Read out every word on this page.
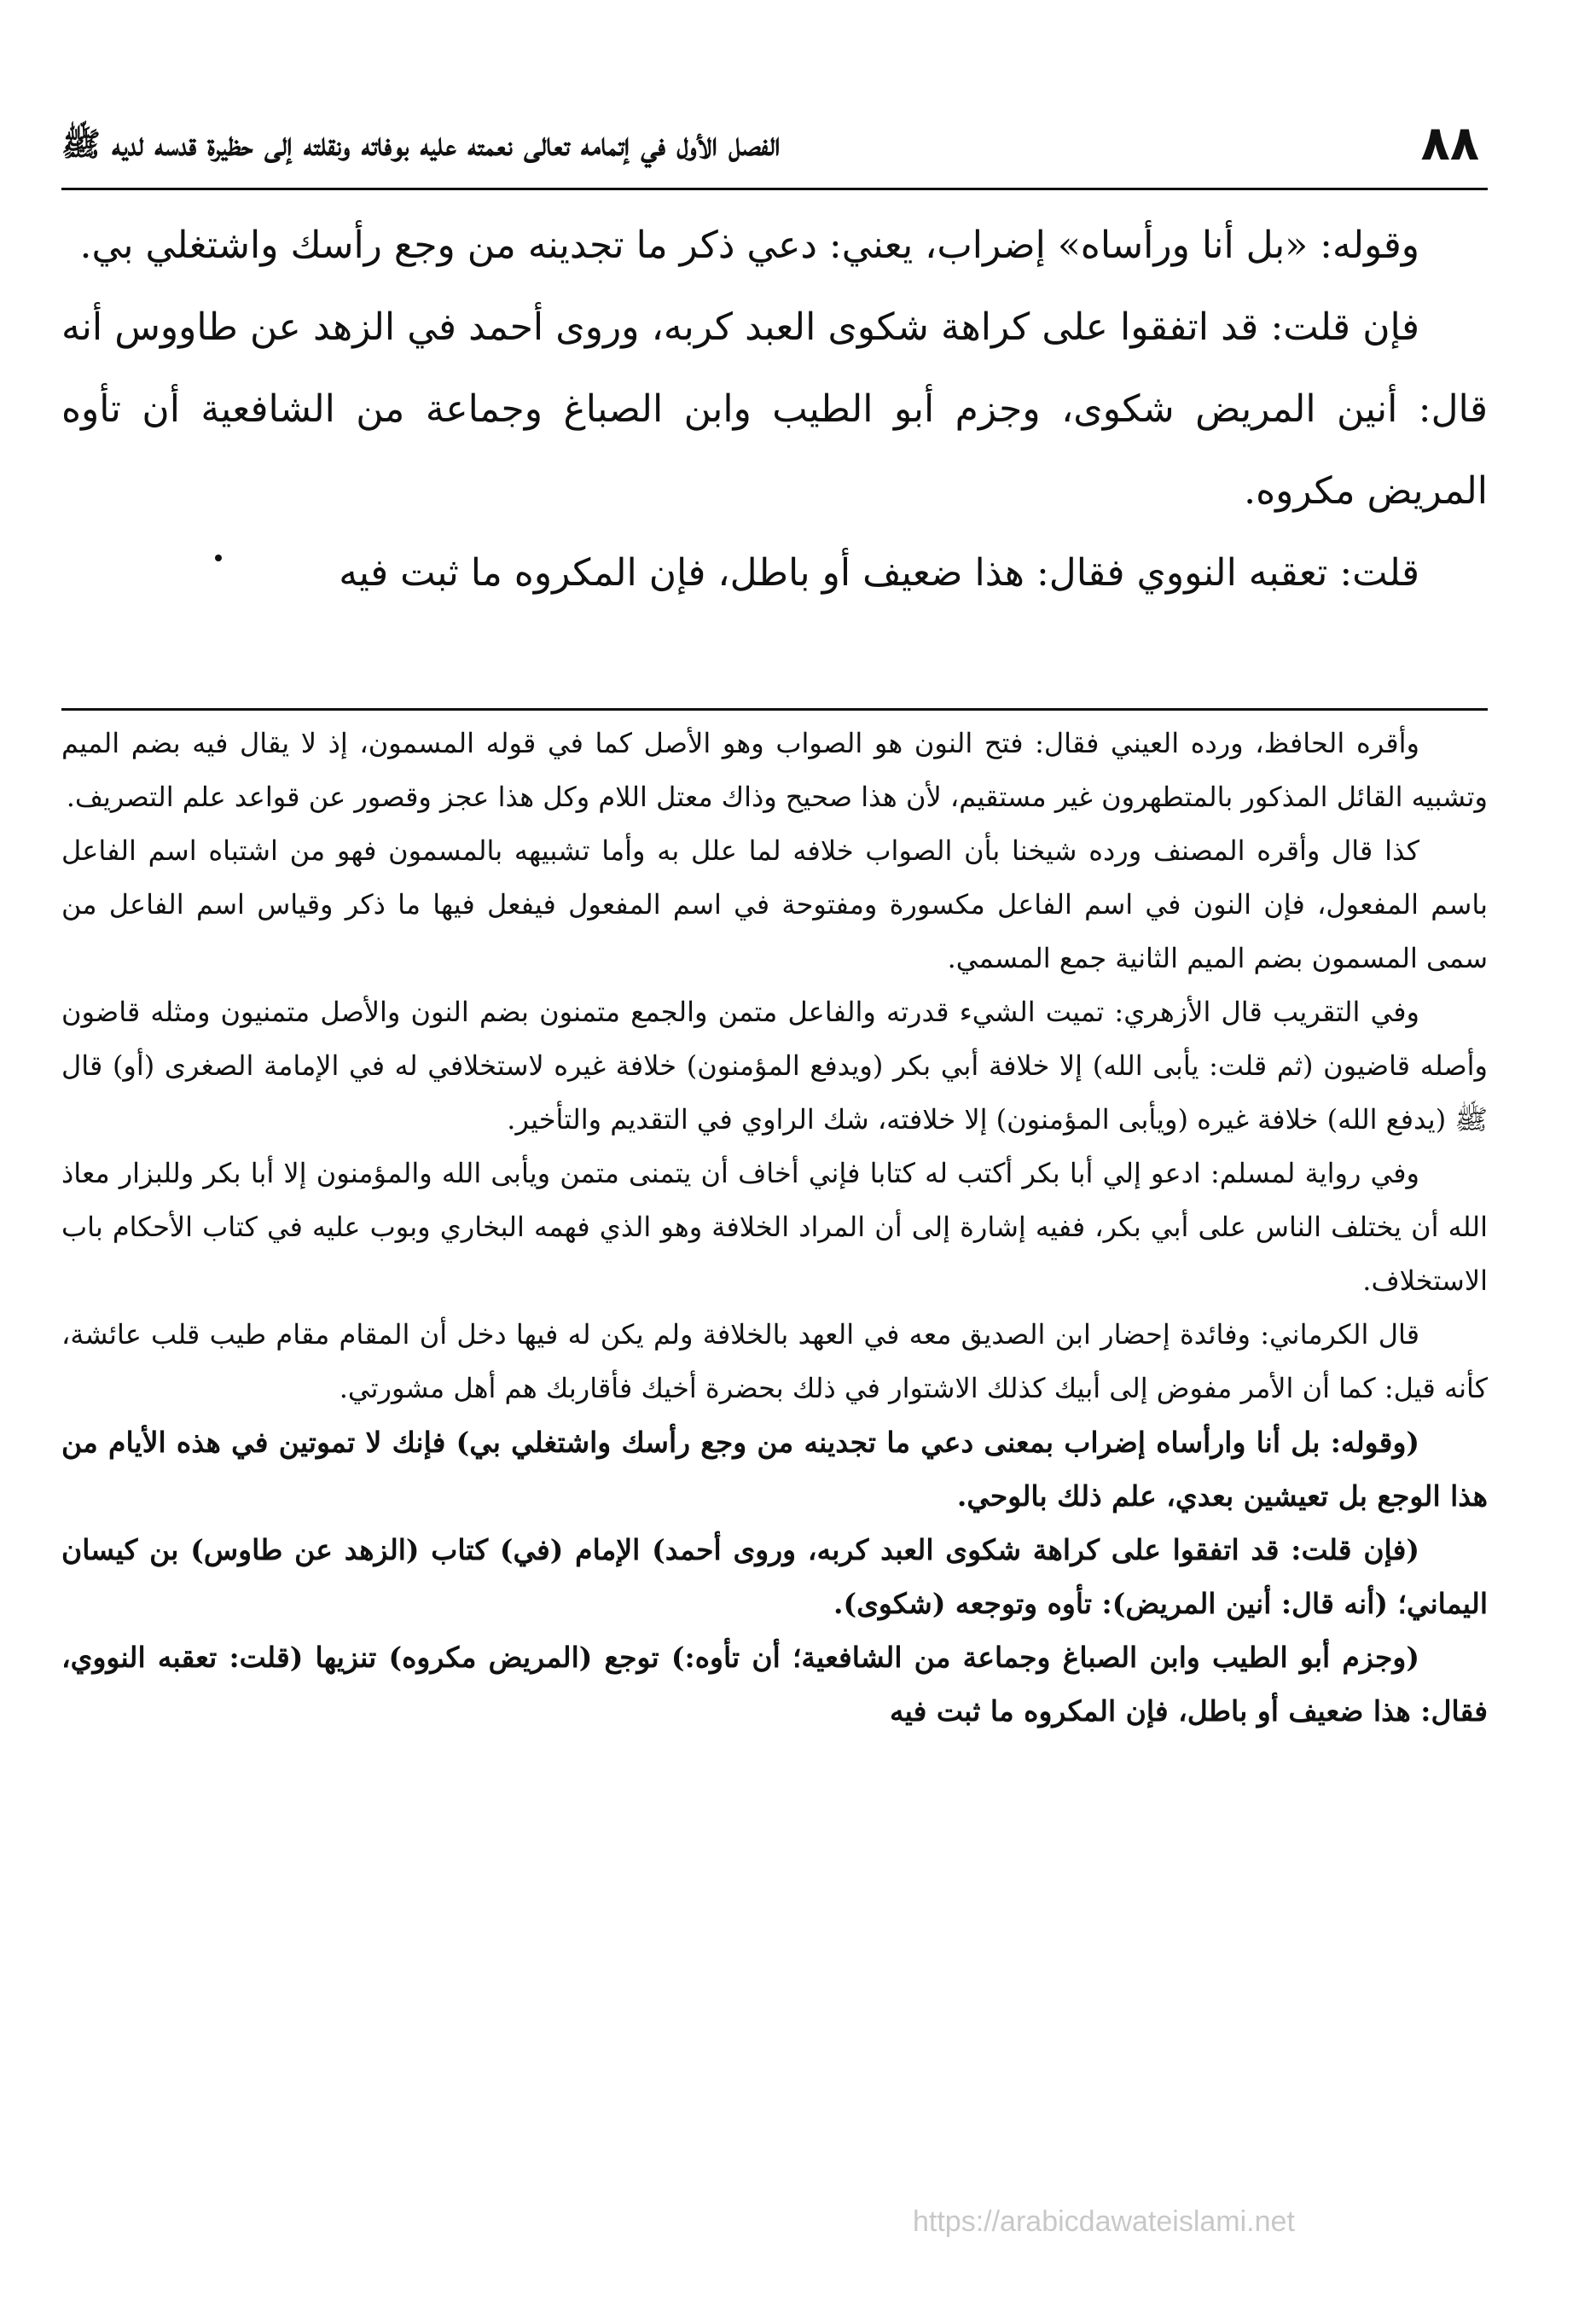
٨٨
الفصل الأول في إتمامه تعالى نعمته عليه بوفاته ونقلته إلى حظيرة قدسه لديه ﷺ

وقوله: «بل أنا ورأساه» إضراب، يعني: دعي ذكر ما تجدينه من وجع رأسك واشتغلي بي.

فإن قلت: قد اتفقوا على كراهة شكوى العبد كربه، وروى أحمد في الزهد عن طاووس أنه قال: أنين المريض شكوى، وجزم أبو الطيب وابن الصباغ وجماعة من الشافعية أن تأوه المريض مكروه.

قلت: تعقبه النووي فقال: هذا ضعيف أو باطل، فإن المكروه ما ثبت فيه

وأقره الحافظ، ورده العيني فقال: فتح النون هو الصواب وهو الأصل كما في قوله المسمون، إذ لا يقال فيه بضم الميم وتشبيه القائل المذكور بالمتطهرون غير مستقيم، لأن هذا صحيح وذاك معتل اللام وكل هذا عجز وقصور عن قواعد علم التصريف.

كذا قال وأقره المصنف ورده شيخنا بأن الصواب خلافه لما علل به وأما تشبيهه بالمسمون فهو من اشتباه اسم الفاعل باسم المفعول، فإن النون في اسم الفاعل مكسورة ومفتوحة في اسم المفعول فيفعل فيها ما ذكر وقياس اسم الفاعل من سمى المسمون بضم الميم الثانية جمع المسمي.

وفي التقريب قال الأزهري: تميت الشيء قدرته والفاعل متمن والجمع متمنون بضم النون والأصل متمنيون ومثله قاضون وأصله قاضيون (ثم قلت: يأبى الله) إلا خلافة أبي بكر (ويدفع المؤمنون) خلافة غيره لاستخلافي له في الإمامة الصغرى (أو) قال ﷺ (يدفع الله) خلافة غيره (ويأبى المؤمنون) إلا خلافته، شك الراوي في التقديم والتأخير.

وفي رواية لمسلم: ادعو إلي أبا بكر أكتب له كتابا فإني أخاف أن يتمنى متمن ويأبى الله والمؤمنون إلا أبا بكر وللبزار معاذ الله أن يختلف الناس على أبي بكر، ففيه إشارة إلى أن المراد الخلافة وهو الذي فهمه البخاري وبوب عليه في كتاب الأحكام باب الاستخلاف.

قال الكرماني: وفائدة إحضار ابن الصديق معه في العهد بالخلافة ولم يكن له فيها دخل أن المقام مقام طيب قلب عائشة، كأنه قيل: كما أن الأمر مفوض إلى أبيك كذلك الاشتوار في ذلك بحضرة أخيك فأقاربك هم أهل مشورتي.

(وقوله: بل أنا وارأساه إضراب بمعنى دعي ما تجدينه من وجع رأسك واشتغلي بي) فإنك لا تموتين في هذه الأيام من هذا الوجع بل تعيشين بعدي، علم ذلك بالوحي.

(فإن قلت: قد اتفقوا على كراهة شكوى العبد كربه، وروى أحمد) الإمام (في) كتاب (الزهد عن طاوس) بن كيسان اليماني؛ (أنه قال: أنين المريض): تأوه وتوجعه (شكوى).

(وجزم أبو الطيب وابن الصباغ وجماعة من الشافعية؛ أن تأوه:) توجع (المريض مكروه) تنزيها (قلت: تعقبه النووي، فقال: هذا ضعيف أو باطل، فإن المكروه ما ثبت فيه

https://arabicdawateislami.net
